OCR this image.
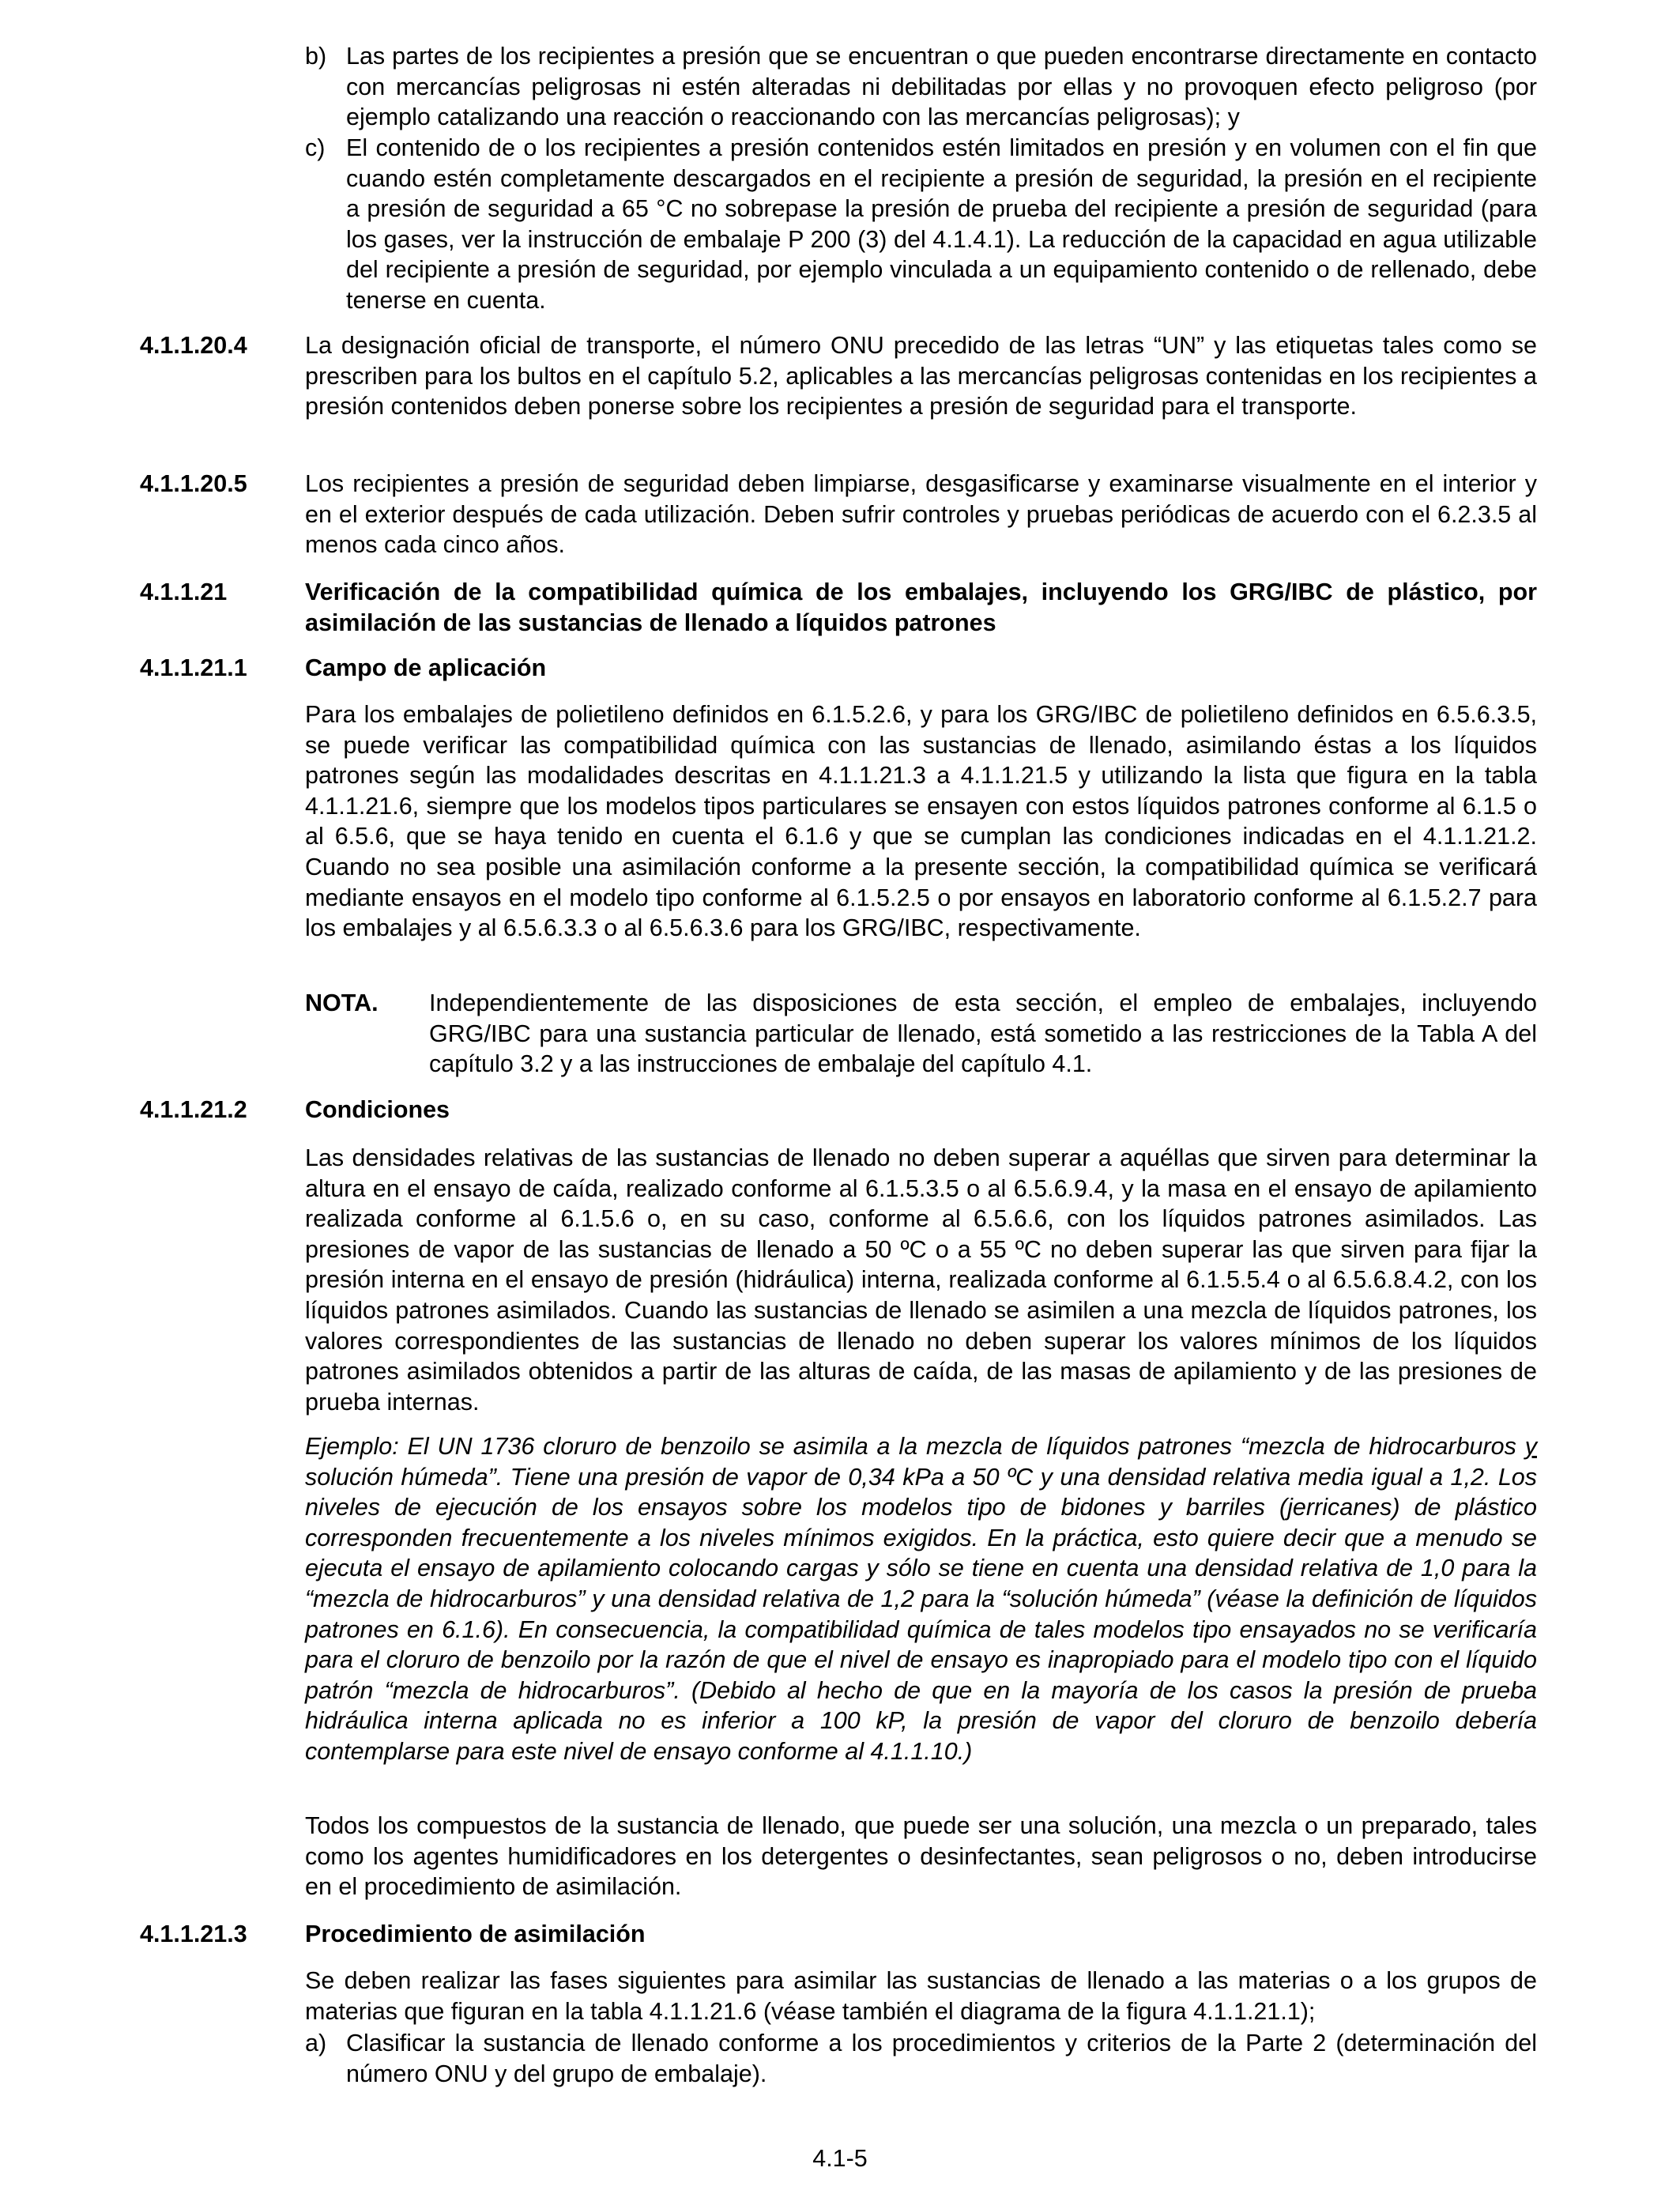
b) Las partes de los recipientes a presión que se encuentran o que pueden encontrarse directamente en contacto con mercancías peligrosas ni estén alteradas ni debilitadas por ellas y no provoquen efecto peligroso (por ejemplo catalizando una reacción o reaccionando con las mercancías peligrosas); y

c) El contenido de o los recipientes a presión contenidos estén limitados en presión y en volumen con el fin que cuando estén completamente descargados en el recipiente a presión de seguridad, la presión en el recipiente a presión de seguridad a 65 °C no sobrepase la presión de prueba del recipiente a presión de seguridad (para los gases, ver la instrucción de embalaje P 200 (3) del 4.1.4.1). La reducción de la capacidad en agua utilizable del recipiente a presión de seguridad, por ejemplo vinculada a un equipamiento contenido o de rellenado, debe tenerse en cuenta.

4.1.1.20.4 La designación oficial de transporte, el número ONU precedido de las letras “UN” y las etiquetas tales como se prescriben para los bultos en el capítulo 5.2, aplicables a las mercancías peligrosas contenidas en los recipientes a presión contenidos deben ponerse sobre los recipientes a presión de seguridad para el transporte.

4.1.1.20.5 Los recipientes a presión de seguridad deben limpiarse, desgasificarse y examinarse visualmente en el interior y en el exterior después de cada utilización. Deben sufrir controles y pruebas periódicas de acuerdo con el 6.2.3.5 al menos cada cinco años.

4.1.1.21	Verificación de la compatibilidad química de los embalajes, incluyendo los GRG/IBC de plástico, por asimilación de las sustancias de llenado a líquidos patrones

4.1.1.21.1 Campo de aplicación

Para los embalajes de polietileno definidos en 6.1.5.2.6, y para los GRG/IBC de polietileno definidos en 6.5.6.3.5, se puede verificar las compatibilidad química con las sustancias de llenado, asimilando éstas a los líquidos patrones según las modalidades descritas en 4.1.1.21.3 a 4.1.1.21.5 y utilizando la lista que figura en la tabla 4.1.1.21.6, siempre que los modelos tipos particulares se ensayen con estos líquidos patrones conforme al 6.1.5 o al 6.5.6, que se haya tenido en cuenta el 6.1.6 y que se cumplan las condiciones indicadas en el 4.1.1.21.2. Cuando no sea posible una asimilación conforme a la presente sección, la compatibilidad química se verificará mediante ensayos en el modelo tipo conforme al 6.1.5.2.5 o por ensayos en laboratorio conforme al 6.1.5.2.7 para los embalajes y al 6.5.6.3.3 o al 6.5.6.3.6 para los GRG/IBC, respectivamente.

NOTA. Independientemente de las disposiciones de esta sección, el empleo de embalajes, incluyendo GRG/IBC para una sustancia particular de llenado, está sometido a las restricciones de la Tabla A del capítulo 3.2 y a las instrucciones de embalaje del capítulo 4.1.

4.1.1.21.2 Condiciones

Las densidades relativas de las sustancias de llenado no deben superar a aquéllas que sirven para determinar la altura en el ensayo de caída, realizado conforme al 6.1.5.3.5 o al 6.5.6.9.4, y la masa en el ensayo de apilamiento realizada conforme al 6.1.5.6 o, en su caso, conforme al 6.5.6.6, con los líquidos patrones asimilados. Las presiones de vapor de las sustancias de llenado a 50 ºC o a 55 ºC no deben superar las que sirven para fijar la presión interna en el ensayo de presión (hidráulica) interna, realizada conforme al 6.1.5.5.4 o al 6.5.6.8.4.2, con los líquidos patrones asimilados. Cuando las sustancias de llenado se asimilen a una mezcla de líquidos patrones, los valores correspondientes de las sustancias de llenado no deben superar los valores mínimos de los líquidos patrones asimilados obtenidos a partir de las alturas de caída, de las masas de apilamiento y de las presiones de prueba internas.

Ejemplo: El UN 1736 cloruro de benzoilo se asimila a la mezcla de líquidos patrones “mezcla de hidrocarburos y solución húmeda”. Tiene una presión de vapor de 0,34 kPa a 50 ºC y una densidad relativa media igual a 1,2. Los niveles de ejecución de los ensayos sobre los modelos tipo de bidones y barriles (jerricanes) de plástico corresponden frecuentemente a los niveles mínimos exigidos. En la práctica, esto quiere decir que a menudo se ejecuta el ensayo de apilamiento colocando cargas y sólo se tiene en cuenta una densidad relativa de 1,0 para la “mezcla de hidrocarburos” y una densidad relativa de 1,2 para la “solución húmeda” (véase la definición de líquidos patrones en 6.1.6). En consecuencia, la compatibilidad química de tales modelos tipo ensayados no se verificaría para el cloruro de benzoilo por la razón de que el nivel de ensayo es inapropiado para el modelo tipo con el líquido patrón “mezcla de hidrocarburos”. (Debido al hecho de que en la mayoría de los casos la presión de prueba hidráulica interna aplicada no es inferior a 100 kP, la presión de vapor del cloruro de benzoilo debería contemplarse para este nivel de ensayo conforme al 4.1.1.10.)

Todos los compuestos de la sustancia de llenado, que puede ser una solución, una mezcla o un preparado, tales como los agentes humidificadores en los detergentes o desinfectantes, sean peligrosos o no, deben introducirse en el procedimiento de asimilación.

4.1.1.21.3 Procedimiento de asimilación

Se deben realizar las fases siguientes para asimilar las sustancias de llenado a las materias o a los grupos de materias que figuran en la tabla 4.1.1.21.6 (véase también el diagrama de la figura 4.1.1.21.1);

a) Clasificar la sustancia de llenado conforme a los procedimientos y criterios de la Parte 2 (determinación del número ONU y del grupo de embalaje).

4.1-5
